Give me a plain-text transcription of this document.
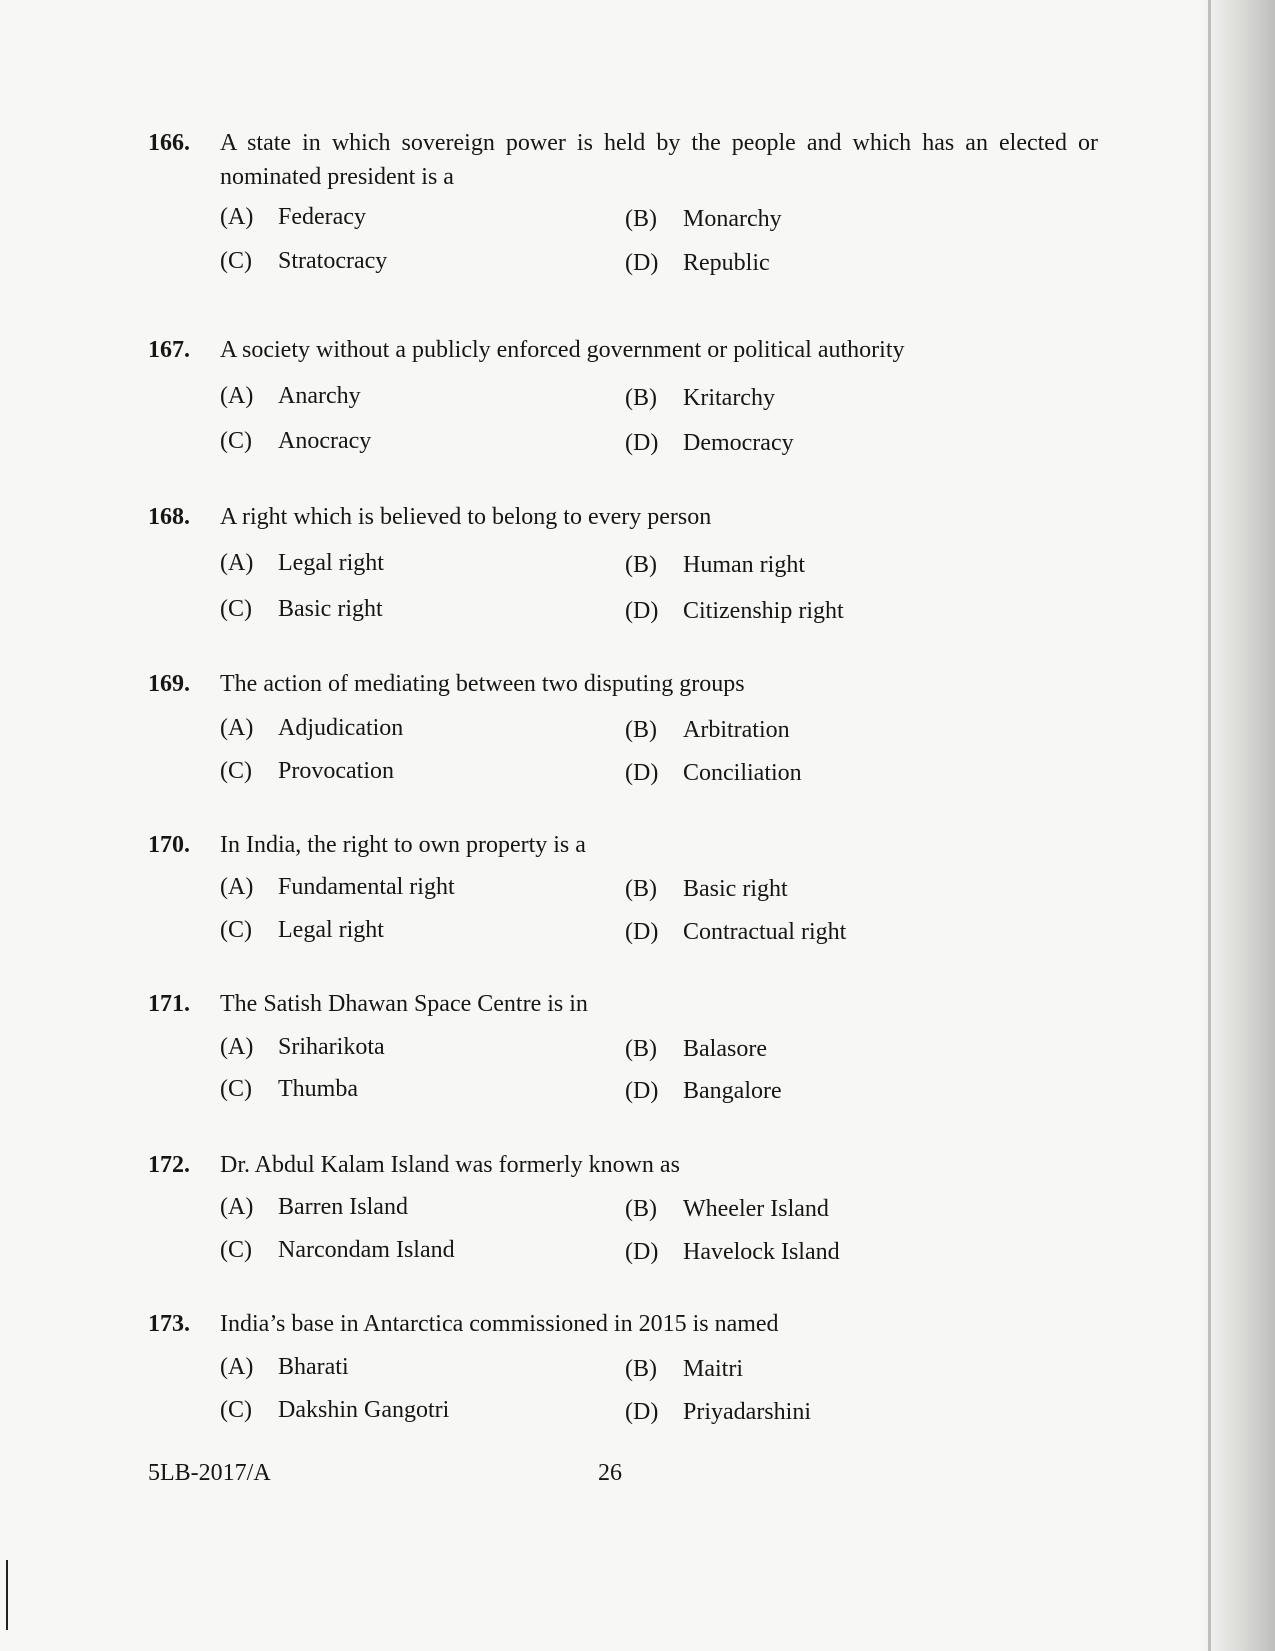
166.	A state in which sovereign power is held by the people and which has an elected or nominated president is a
(A) Federacy	(B) Monarchy
(C) Stratocracy	(D) Republic
167.	A society without a publicly enforced government or political authority
(A) Anarchy	(B) Kritarchy
(C) Anocracy	(D) Democracy
168.	A right which is believed to belong to every person
(A) Legal right	(B) Human right
(C) Basic right	(D) Citizenship right
169.	The action of mediating between two disputing groups
(A) Adjudication	(B) Arbitration
(C) Provocation	(D) Conciliation
170.	In India, the right to own property is a
(A) Fundamental right	(B) Basic right
(C) Legal right	(D) Contractual right
171.	The Satish Dhawan Space Centre is in
(A) Sriharikota	(B) Balasore
(C) Thumba	(D) Bangalore
172.	Dr. Abdul Kalam Island was formerly known as
(A) Barren Island	(B) Wheeler Island
(C) Narcondam Island	(D) Havelock Island
173.	India’s base in Antarctica commissioned in 2015 is named
(A) Bharati	(B) Maitri
(C) Dakshin Gangotri	(D) Priyadarshini
5LB-2017/A	26
